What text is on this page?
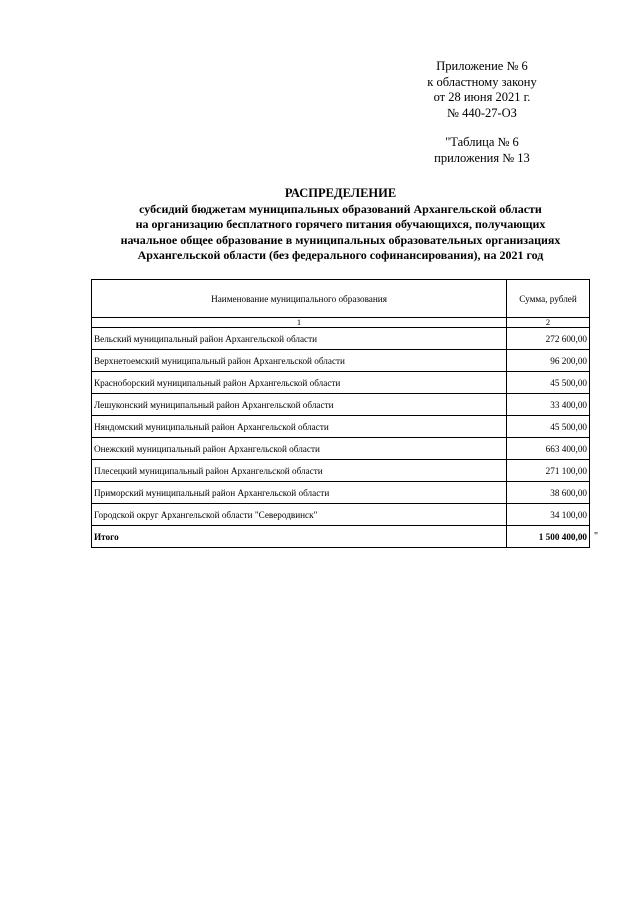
Приложение № 6
к областному закону
от 28 июня 2021 г.
№ 440-27-ОЗ
"Таблица № 6
приложения № 13
РАСПРЕДЕЛЕНИЕ
субсидий бюджетам муниципальных образований Архангельской области
на организацию бесплатного горячего питания обучающихся, получающих
начальное общее образование в муниципальных образовательных организациях
Архангельской области (без федерального софинансирования), на 2021 год
Наименование муниципального образования	Сумма, рублей
1	2
Вельский муниципальный район Архангельской области	272 600,00
Верхнетоемский муниципальный район Архангельской области	96 200,00
Красноборский муниципальный район Архангельской области	45 500,00
Лешуконский муниципальный район Архангельской области	33 400,00
Няндомский муниципальный район Архангельской области	45 500,00
Онежский муниципальный район Архангельской области	663 400,00
Плесецкий муниципальный район Архангельской области	271 100,00
Приморский муниципальный район Архангельской области	38 600,00
Городской округ Архангельской области "Северодвинск"	34 100,00
Итого	1 500 400,00 "
